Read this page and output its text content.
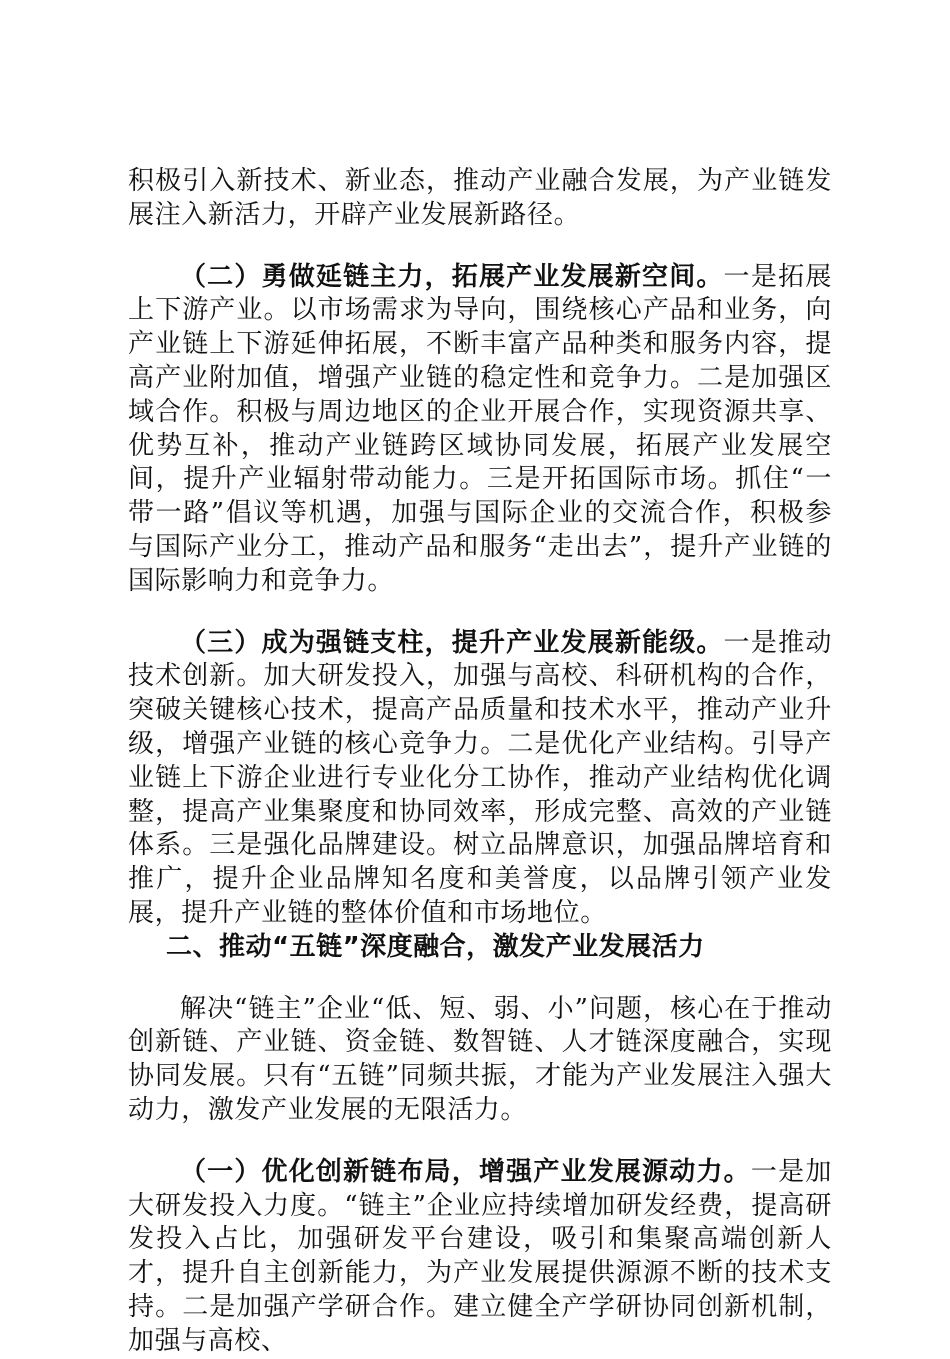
积极引入新技术、新业态，推动产业融合发展，为产业链发展注入新活力，开辟产业发展新路径。

（二）勇做延链主力，拓展产业发展新空间。一是拓展上下游产业。以市场需求为导向，围绕核心产品和业务，向产业链上下游延伸拓展，不断丰富产品种类和服务内容，提高产业附加值，增强产业链的稳定性和竞争力。二是加强区域合作。积极与周边地区的企业开展合作，实现资源共享、优势互补，推动产业链跨区域协同发展，拓展产业发展空间，提升产业辐射带动能力。三是开拓国际市场。抓住“一带一路”倡议等机遇，加强与国际企业的交流合作，积极参与国际产业分工，推动产品和服务“走出去”，提升产业链的国际影响力和竞争力。

（三）成为强链支柱，提升产业发展新能级。一是推动技术创新。加大研发投入，加强与高校、科研机构的合作，突破关键核心技术，提高产品质量和技术水平，推动产业升级，增强产业链的核心竞争力。二是优化产业结构。引导产业链上下游企业进行专业化分工协作，推动产业结构优化调整，提高产业集聚度和协同效率，形成完整、高效的产业链体系。三是强化品牌建设。树立品牌意识，加强品牌培育和推广，提升企业品牌知名度和美誉度，以品牌引领产业发展，提升产业链的整体价值和市场地位。

二、推动“五链”深度融合，激发产业发展活力

解决“链主”企业“低、短、弱、小”问题，核心在于推动创新链、产业链、资金链、数智链、人才链深度融合，实现协同发展。只有“五链”同频共振，才能为产业发展注入强大动力，激发产业发展的无限活力。

（一）优化创新链布局，增强产业发展源动力。一是加大研发投入力度。“链主”企业应持续增加研发经费，提高研发投入占比，加强研发平台建设，吸引和集聚高端创新人才，提升自主创新能力，为产业发展提供源源不断的技术支持。二是加强产学研合作。建立健全产学研协同创新机制，加强与高校、
